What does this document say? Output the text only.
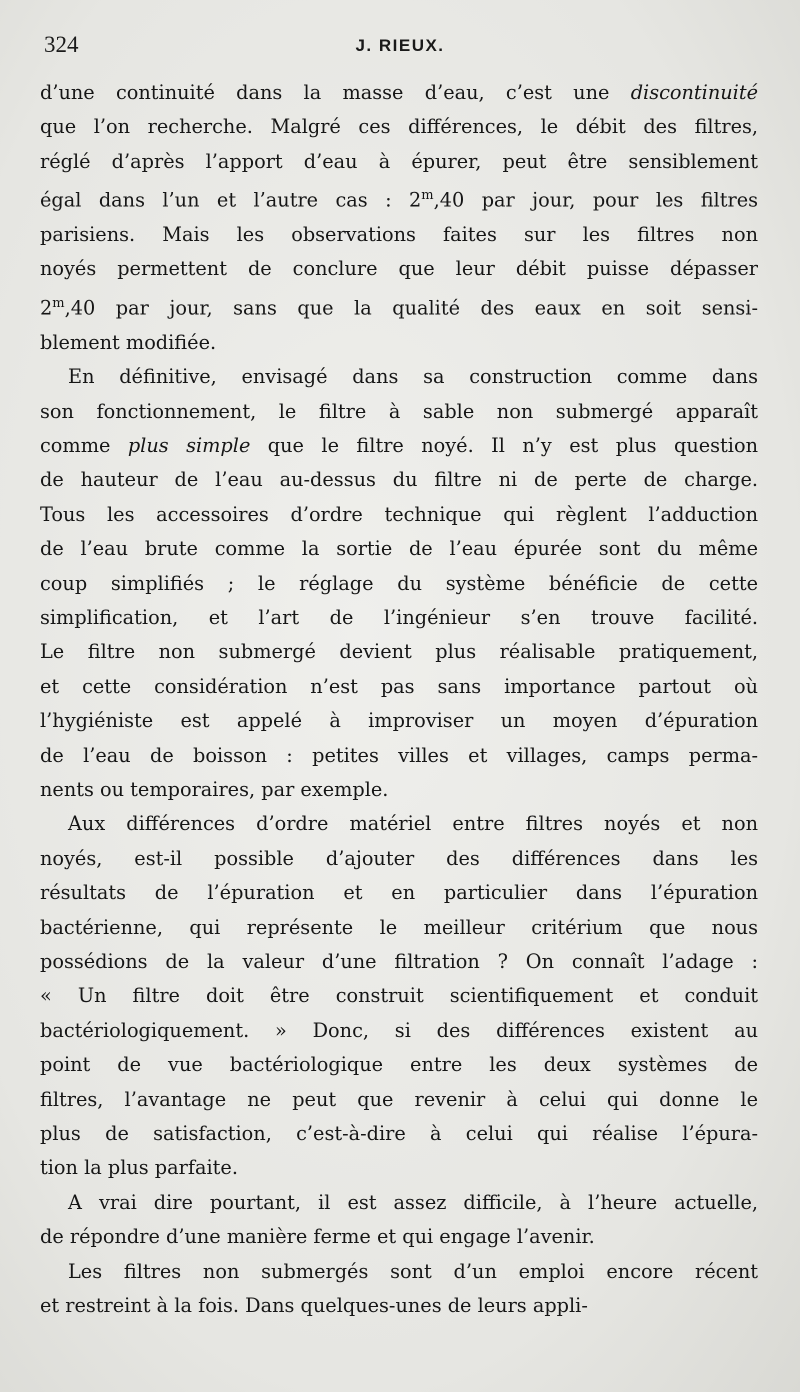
324	J. RIEUX.

d’une continuité dans la masse d’eau, c’est une discontinuité
que l’on recherche. Malgré ces différences, le débit des filtres,
réglé d’après l’apport d’eau à épurer, peut être sensiblement
égal dans l’un et l’autre cas : 2$^m$,40 par jour, pour les filtres
parisiens. Mais les observations faites sur les filtres non
noyés permettent de conclure que leur débit puisse dépasser
2$^m$,40 par jour, sans que la qualité des eaux en soit sensi-
blement modifiée.

En définitive, envisagé dans sa construction comme dans
son fonctionnement, le filtre à sable non submergé apparaît
comme plus simple que le filtre noyé. Il n’y est plus question
de hauteur de l’eau au-dessus du filtre ni de perte de charge.
Tous les accessoires d’ordre technique qui règlent l’adduction
de l’eau brute comme la sortie de l’eau épurée sont du même
coup simplifiés ; le réglage du système bénéficie de cette
simplification, et l’art de l’ingénieur s’en trouve facilité.
Le filtre non submergé devient plus réalisable pratiquement,
et cette considération n’est pas sans importance partout où
l’hygiéniste est appelé à improviser un moyen d’épuration
de l’eau de boisson : petites villes et villages, camps perma-
nents ou temporaires, par exemple.

Aux différences d’ordre matériel entre filtres noyés et non
noyés, est-il possible d’ajouter des différences dans les
résultats de l’épuration et en particulier dans l’épuration
bactérienne, qui représente le meilleur critérium que nous
possédions de la valeur d’une filtration ? On connaît l’adage :
« Un filtre doit être construit scientifiquement et conduit
bactériologiquement. » Donc, si des différences existent au
point de vue bactériologique entre les deux systèmes de
filtres, l’avantage ne peut que revenir à celui qui donne le
plus de satisfaction, c’est-à-dire à celui qui réalise l’épura-
tion la plus parfaite.

A vrai dire pourtant, il est assez difficile, à l’heure actuelle,
de répondre d’une manière ferme et qui engage l’avenir.

Les filtres non submergés sont d’un emploi encore récent
et restreint à la fois. Dans quelques-unes de leurs appli-
